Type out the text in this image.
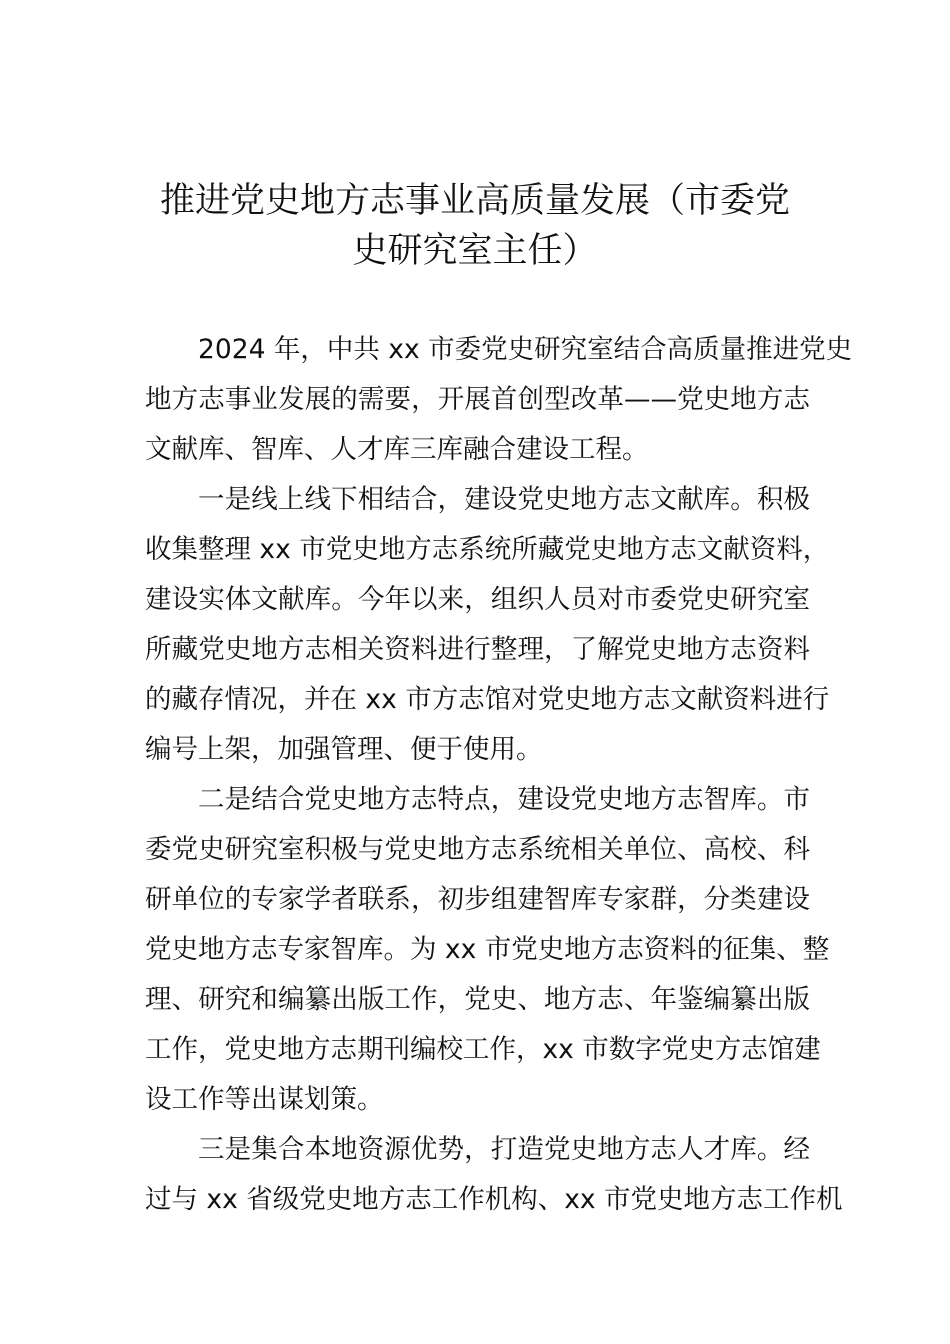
推进党史地方志事业高质量发展（市委党
史研究室主任）
2024 年，中共 xx 市委党史研究室结合高质量推进党史
地方志事业发展的需要，开展首创型改革——党史地方志
文献库、智库、人才库三库融合建设工程。
一是线上线下相结合，建设党史地方志文献库。积极
收集整理 xx 市党史地方志系统所藏党史地方志文献资料，
建设实体文献库。今年以来，组织人员对市委党史研究室
所藏党史地方志相关资料进行整理，了解党史地方志资料
的藏存情况，并在 xx 市方志馆对党史地方志文献资料进行
编号上架，加强管理、便于使用。
二是结合党史地方志特点，建设党史地方志智库。市
委党史研究室积极与党史地方志系统相关单位、高校、科
研单位的专家学者联系，初步组建智库专家群，分类建设
党史地方志专家智库。为 xx 市党史地方志资料的征集、整
理、研究和编纂出版工作，党史、地方志、年鉴编纂出版
工作，党史地方志期刊编校工作，xx 市数字党史方志馆建
设工作等出谋划策。
三是集合本地资源优势，打造党史地方志人才库。经
过与 xx 省级党史地方志工作机构、xx 市党史地方志工作机
